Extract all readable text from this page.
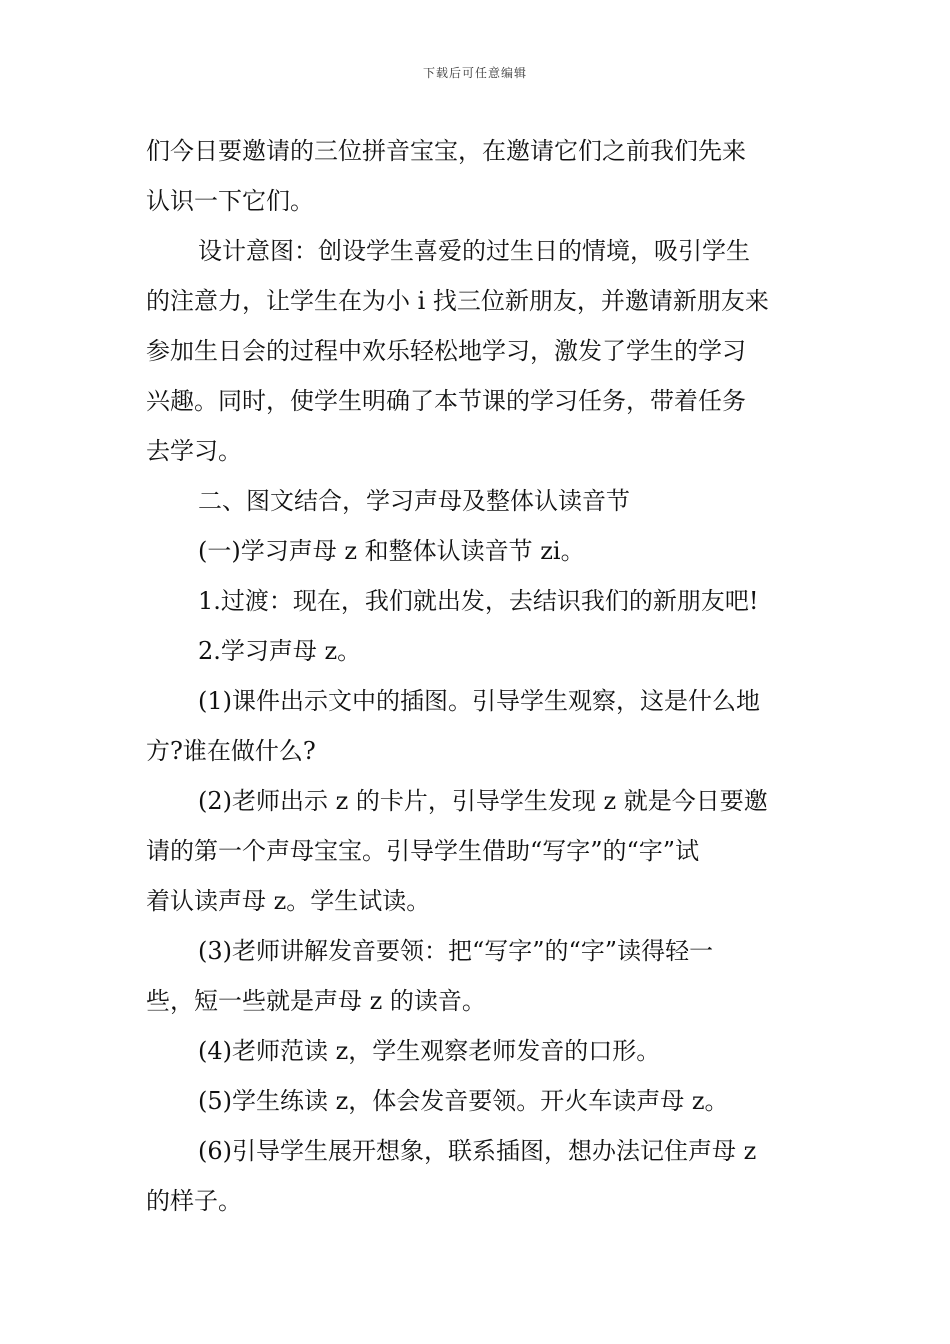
下载后可任意编辑
们今日要邀请的三位拼音宝宝，在邀请它们之前我们先来
认识一下它们。
设计意图：创设学生喜爱的过生日的情境，吸引学生
的注意力，让学生在为小 i 找三位新朋友，并邀请新朋友来
参加生日会的过程中欢乐轻松地学习，激发了学生的学习
兴趣。同时，使学生明确了本节课的学习任务，带着任务
去学习。
二、图文结合，学习声母及整体认读音节
(一)学习声母 z 和整体认读音节 zi。
1.过渡：现在，我们就出发，去结识我们的新朋友吧!
2.学习声母 z。
(1)课件出示文中的插图。引导学生观察，这是什么地
方?谁在做什么?
(2)老师出示 z 的卡片，引导学生发现 z 就是今日要邀
请的第一个声母宝宝。引导学生借助“写字”的“字”试
着认读声母 z。学生试读。
(3)老师讲解发音要领：把“写字”的“字”读得轻一
些，短一些就是声母 z 的读音。
(4)老师范读 z，学生观察老师发音的口形。
(5)学生练读 z，体会发音要领。开火车读声母 z。
(6)引导学生展开想象，联系插图，想办法记住声母 z
的样子。
